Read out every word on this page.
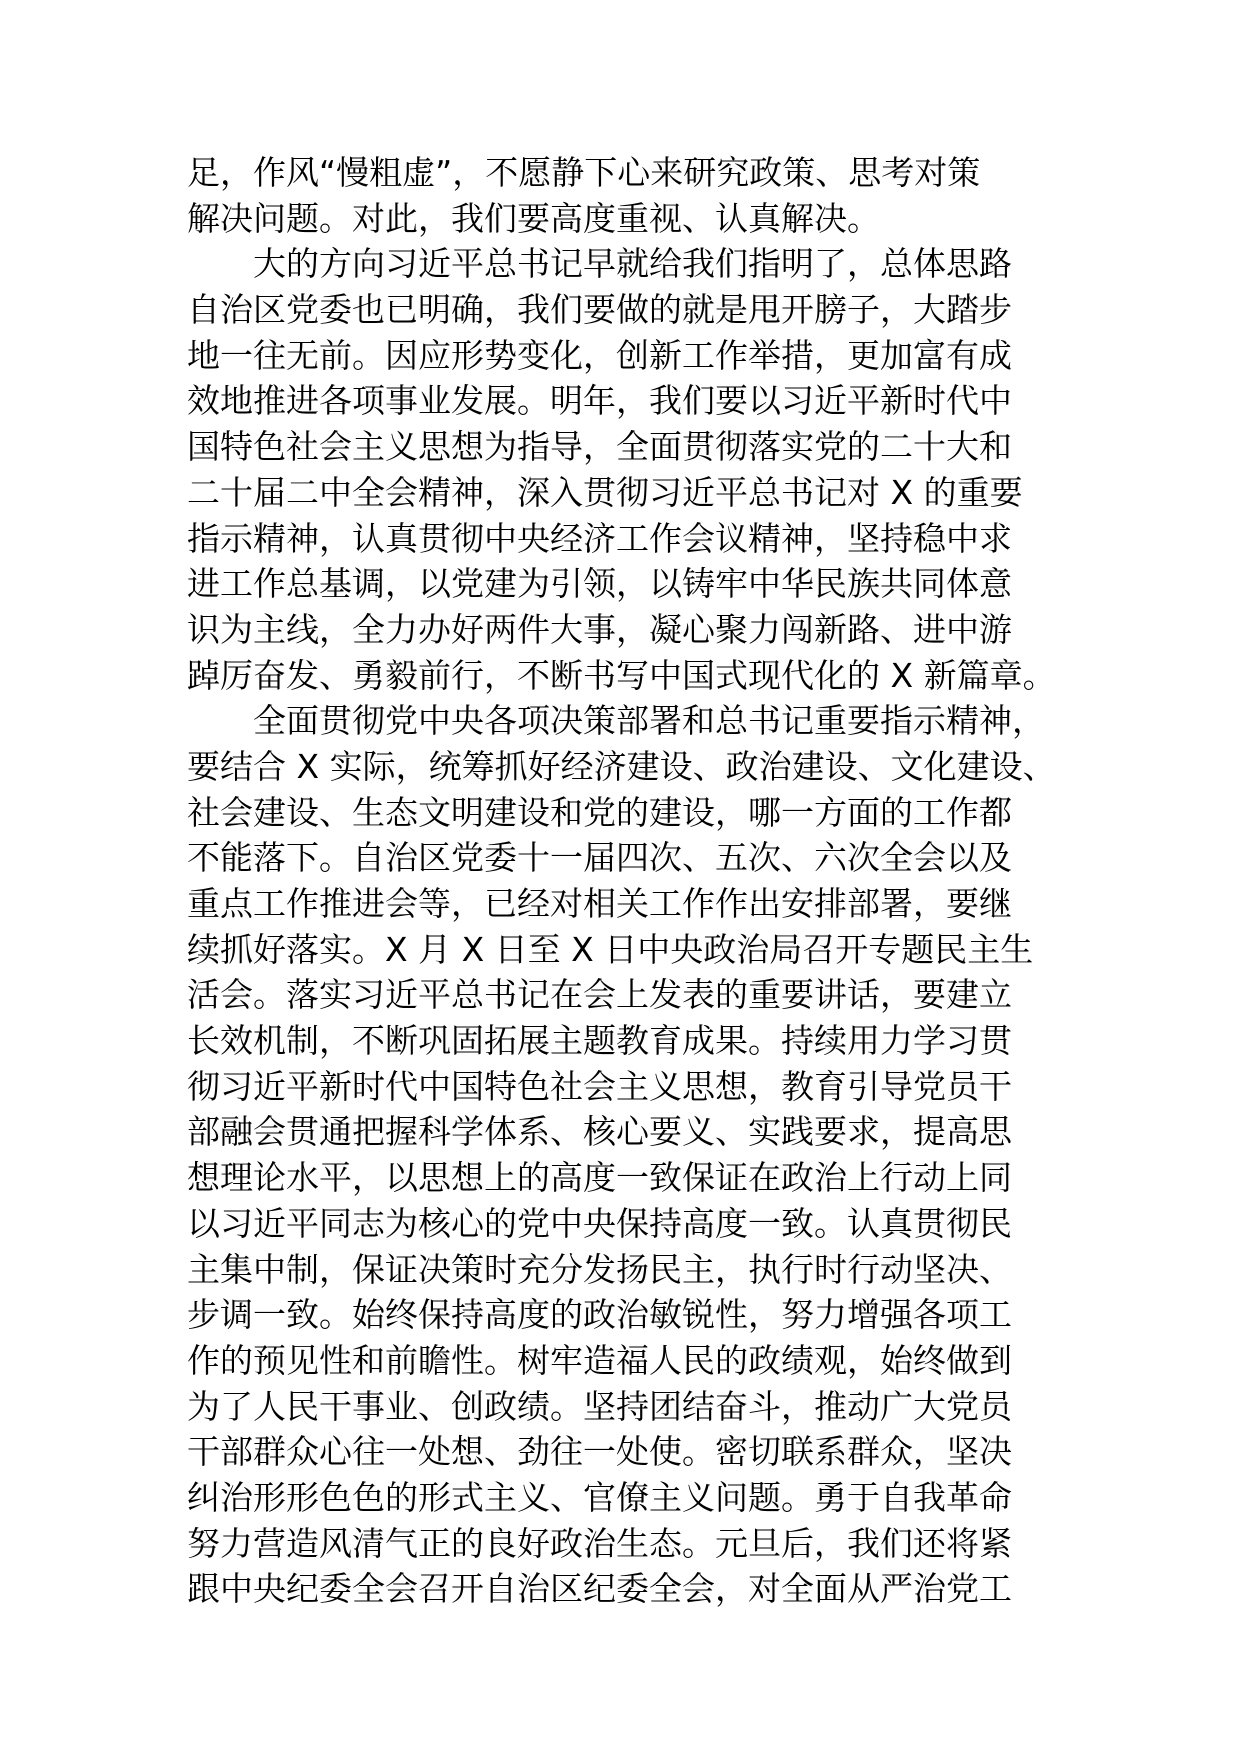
足，作风“慢粗虚”，不愿静下心来研究政策、思考对策
解决问题。对此，我们要高度重视、认真解决。
　　大的方向习近平总书记早就给我们指明了，总体思路
自治区党委也已明确，我们要做的就是甩开膀子，大踏步
地一往无前。因应形势变化，创新工作举措，更加富有成
效地推进各项事业发展。明年，我们要以习近平新时代中
国特色社会主义思想为指导，全面贯彻落实党的二十大和
二十届二中全会精神，深入贯彻习近平总书记对 X 的重要
指示精神，认真贯彻中央经济工作会议精神，坚持稳中求
进工作总基调，以党建为引领，以铸牢中华民族共同体意
识为主线，全力办好两件大事，凝心聚力闯新路、进中游
踔厉奋发、勇毅前行，不断书写中国式现代化的 X 新篇章。
　　全面贯彻党中央各项决策部署和总书记重要指示精神，
要结合 X 实际，统筹抓好经济建设、政治建设、文化建设、
社会建设、生态文明建设和党的建设，哪一方面的工作都
不能落下。自治区党委十一届四次、五次、六次全会以及
重点工作推进会等，已经对相关工作作出安排部署，要继
续抓好落实。X 月 X 日至 X 日中央政治局召开专题民主生
活会。落实习近平总书记在会上发表的重要讲话，要建立
长效机制，不断巩固拓展主题教育成果。持续用力学习贯
彻习近平新时代中国特色社会主义思想，教育引导党员干
部融会贯通把握科学体系、核心要义、实践要求，提高思
想理论水平，以思想上的高度一致保证在政治上行动上同
以习近平同志为核心的党中央保持高度一致。认真贯彻民
主集中制，保证决策时充分发扬民主，执行时行动坚决、
步调一致。始终保持高度的政治敏锐性，努力增强各项工
作的预见性和前瞻性。树牢造福人民的政绩观，始终做到
为了人民干事业、创政绩。坚持团结奋斗，推动广大党员
干部群众心往一处想、劲往一处使。密切联系群众，坚决
纠治形形色色的形式主义、官僚主义问题。勇于自我革命
努力营造风清气正的良好政治生态。元旦后，我们还将紧
跟中央纪委全会召开自治区纪委全会，对全面从严治党工
